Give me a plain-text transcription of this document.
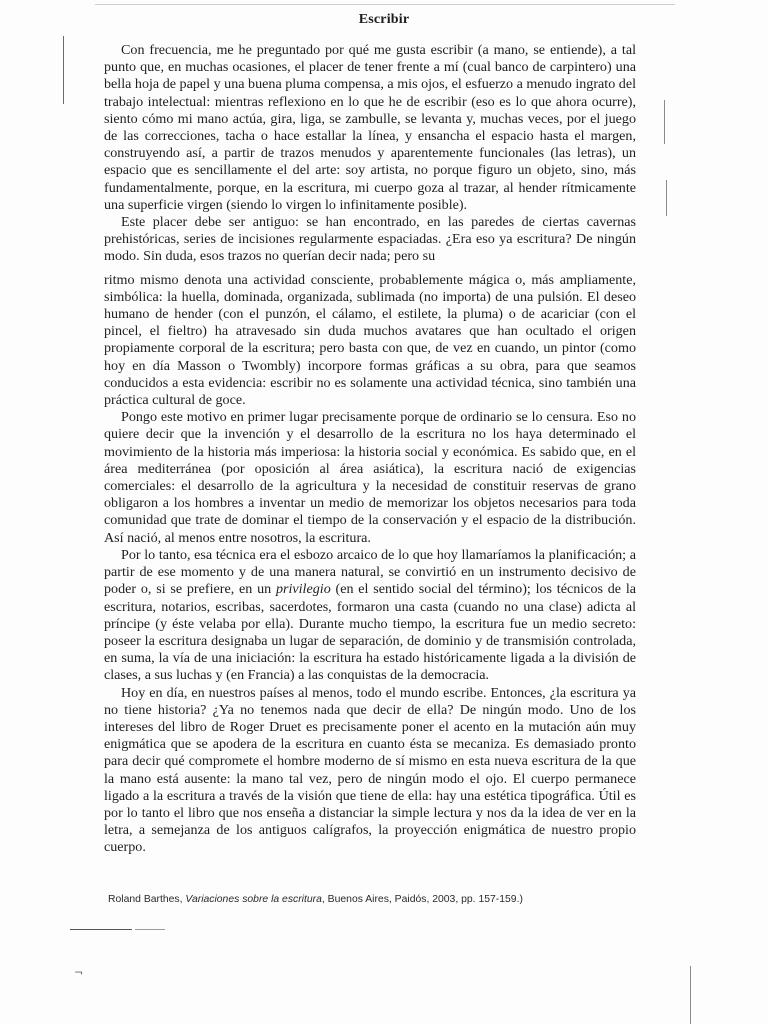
Escribir

Con frecuencia, me he preguntado por qué me gusta escribir (a mano, se entiende), a tal punto que, en muchas ocasiones, el placer de tener frente a mí (cual banco de carpintero) una bella hoja de papel y una buena pluma compensa, a mis ojos, el esfuerzo a menudo ingrato del trabajo intelectual: mientras reflexiono en lo que he de escribir (eso es lo que ahora ocurre), siento cómo mi mano actúa, gira, liga, se zambulle, se levanta y, muchas veces, por el juego de las correcciones, tacha o hace estallar la línea, y ensancha el espacio hasta el margen, construyendo así, a partir de trazos menudos y aparentemente funcionales (las letras), un espacio que es sencillamente el del arte: soy artista, no porque figuro un objeto, sino, más fundamentalmente, porque, en la escritura, mi cuerpo goza al trazar, al hender rítmicamente una superficie virgen (siendo lo virgen lo infinitamente posible).

Este placer debe ser antiguo: se han encontrado, en las paredes de ciertas cavernas prehistóricas, series de incisiones regularmente espaciadas. ¿Era eso ya escritura? De ningún modo. Sin duda, esos trazos no querían decir nada; pero su

ritmo mismo denota una actividad consciente, probablemente mágica o, más ampliamente, simbólica: la huella, dominada, organizada, sublimada (no importa) de una pulsión. El deseo humano de hender (con el punzón, el cálamo, el estilete, la pluma) o de acariciar (con el pincel, el fieltro) ha atravesado sin duda muchos avatares que han ocultado el origen propiamente corporal de la escritura; pero basta con que, de vez en cuando, un pintor (como hoy en día Masson o Twombly) incorpore formas gráficas a su obra, para que seamos conducidos a esta evidencia: escribir no es solamente una actividad técnica, sino también una práctica cultural de goce.

Pongo este motivo en primer lugar precisamente porque de ordinario se lo censura. Eso no quiere decir que la invención y el desarrollo de la escritura no los haya determinado el movimiento de la historia más imperiosa: la historia social y económica. Es sabido que, en el área mediterránea (por oposición al área asiática), la escritura nació de exigencias comerciales: el desarrollo de la agricultura y la necesidad de constituir reservas de grano obligaron a los hombres a inventar un medio de memorizar los objetos necesarios para toda comunidad que trate de dominar el tiempo de la conservación y el espacio de la distribución. Así nació, al menos entre nosotros, la escritura.

Por lo tanto, esa técnica era el esbozo arcaico de lo que hoy llamaríamos la planificación; a partir de ese momento y de una manera natural, se convirtió en un instrumento decisivo de poder o, si se prefiere, en un privilegio (en el sentido social del término); los técnicos de la escritura, notarios, escribas, sacerdotes, formaron una casta (cuando no una clase) adicta al príncipe (y éste velaba por ella). Durante mucho tiempo, la escritura fue un medio secreto: poseer la escritura designaba un lugar de separación, de dominio y de transmisión controlada, en suma, la vía de una iniciación: la escritura ha estado históricamente ligada a la división de clases, a sus luchas y (en Francia) a las conquistas de la democracia.

Hoy en día, en nuestros países al menos, todo el mundo escribe. Entonces, ¿la escritura ya no tiene historia? ¿Ya no tenemos nada que decir de ella? De ningún modo. Uno de los intereses del libro de Roger Druet es precisamente poner el acento en la mutación aún muy enigmática que se apodera de la escritura en cuanto ésta se mecaniza. Es demasiado pronto para decir qué compromete el hombre moderno de sí mismo en esta nueva escritura de la que la mano está ausente: la mano tal vez, pero de ningún modo el ojo. El cuerpo permanece ligado a la escritura a través de la visión que tiene de ella: hay una estética tipográfica. Útil es por lo tanto el libro que nos enseña a distanciar la simple lectura y nos da la idea de ver en la letra, a semejanza de los antiguos calígrafos, la proyección enigmática de nuestro propio cuerpo.

Roland Barthes, Variaciones sobre la escritura, Buenos Aires, Paidós, 2003, pp. 157-159.)
¬
